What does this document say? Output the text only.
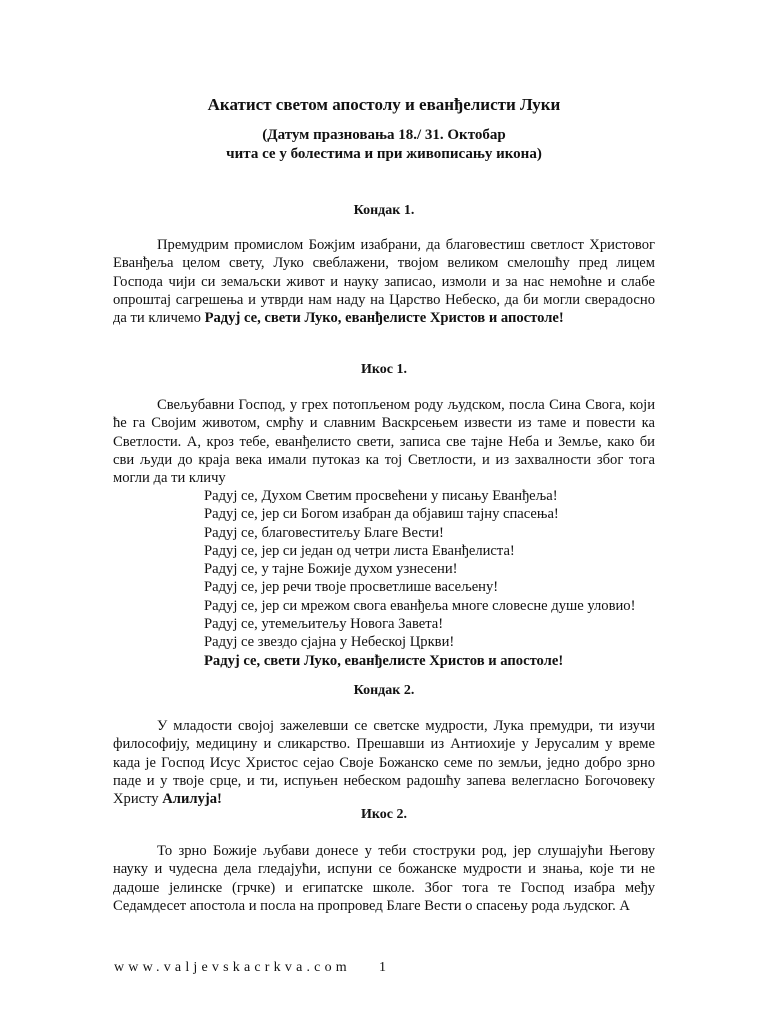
Акатист светом апостолу и еванђелисти Луки

(Датум празновања 18./ 31. Октобар

чита се у болестима и при живописању икона)

Кондак 1.

Премудрим промислом Божјим изабрани, да благовестиш светлост Христовог Еванђеља целом свету, Луко свеблажени, твојом великом смелошћу пред лицем Господа чији си земаљски живот и науку записао, измоли и за нас немоћне и слабе опроштај сагрешења и утврди нам наду на Царство Небеско, да би могли сверадосно да ти кличемо Радуј се, свети Луко, еванђелисте Христов и апостоле!

Икос 1.

Свељубавни Господ, у грех потопљеном роду људском, посла Сина Свога, који ће га Својим животом, смрћу и славним Васкрсењем извести из таме и повести ка Светлости. А, кроз тебе, еванђелисто свети, записа све тајне Неба и Земље, како би сви људи до краја века имали путоказ ка тој Светлости, и из захвалности због тога могли да ти кличу

Радуј се, Духом Светим просвећени у писању Еванђеља!
Радуј се, јер си Богом изабран да објавиш тајну спасења!
Радуј се, благовеститељу Благе Вести!
Радуј се, јер си један од четри листа Еванђелиста!
Радуј се, у тајне Божије духом узнесени!
Радуј се, јер речи твоје просветлише васељену!
Радуј се, јер си мрежом свога еванђеља многе словесне душе уловио!
Радуј се, утемељитељу Новога Завета!
Радуј се звездо сјајна у Небеској Цркви!
Радуј се, свети Луко, еванђелисте Христов и апостоле!

Кондак 2.

У младости својој зажелевши се светске мудрости, Лука премудри, ти изучи философију, медицину и сликарство. Прешавши из Антиохије у Јерусалим у време када је Господ Исус Христос сејао Своје Божанско семе по земљи, једно добро зрно паде и у твоје срце, и ти, испуњен небеском радошћу запева велегласно Богочовеку Христу Алилуја!

Икос 2.

То зрно Божије љубави донесе у теби стоструки род, јер слушајући Његову науку и чудесна дела гледајући, испуни се божанске мудрости и знања, које ти не дадоше јелинске (грчке) и египатске школе. Због тога те Господ изабра међу Седамдесет апостола и посла на пропровед Благе Вести о спасењу рода људског. А

www.valjevskacrkva.com 1
